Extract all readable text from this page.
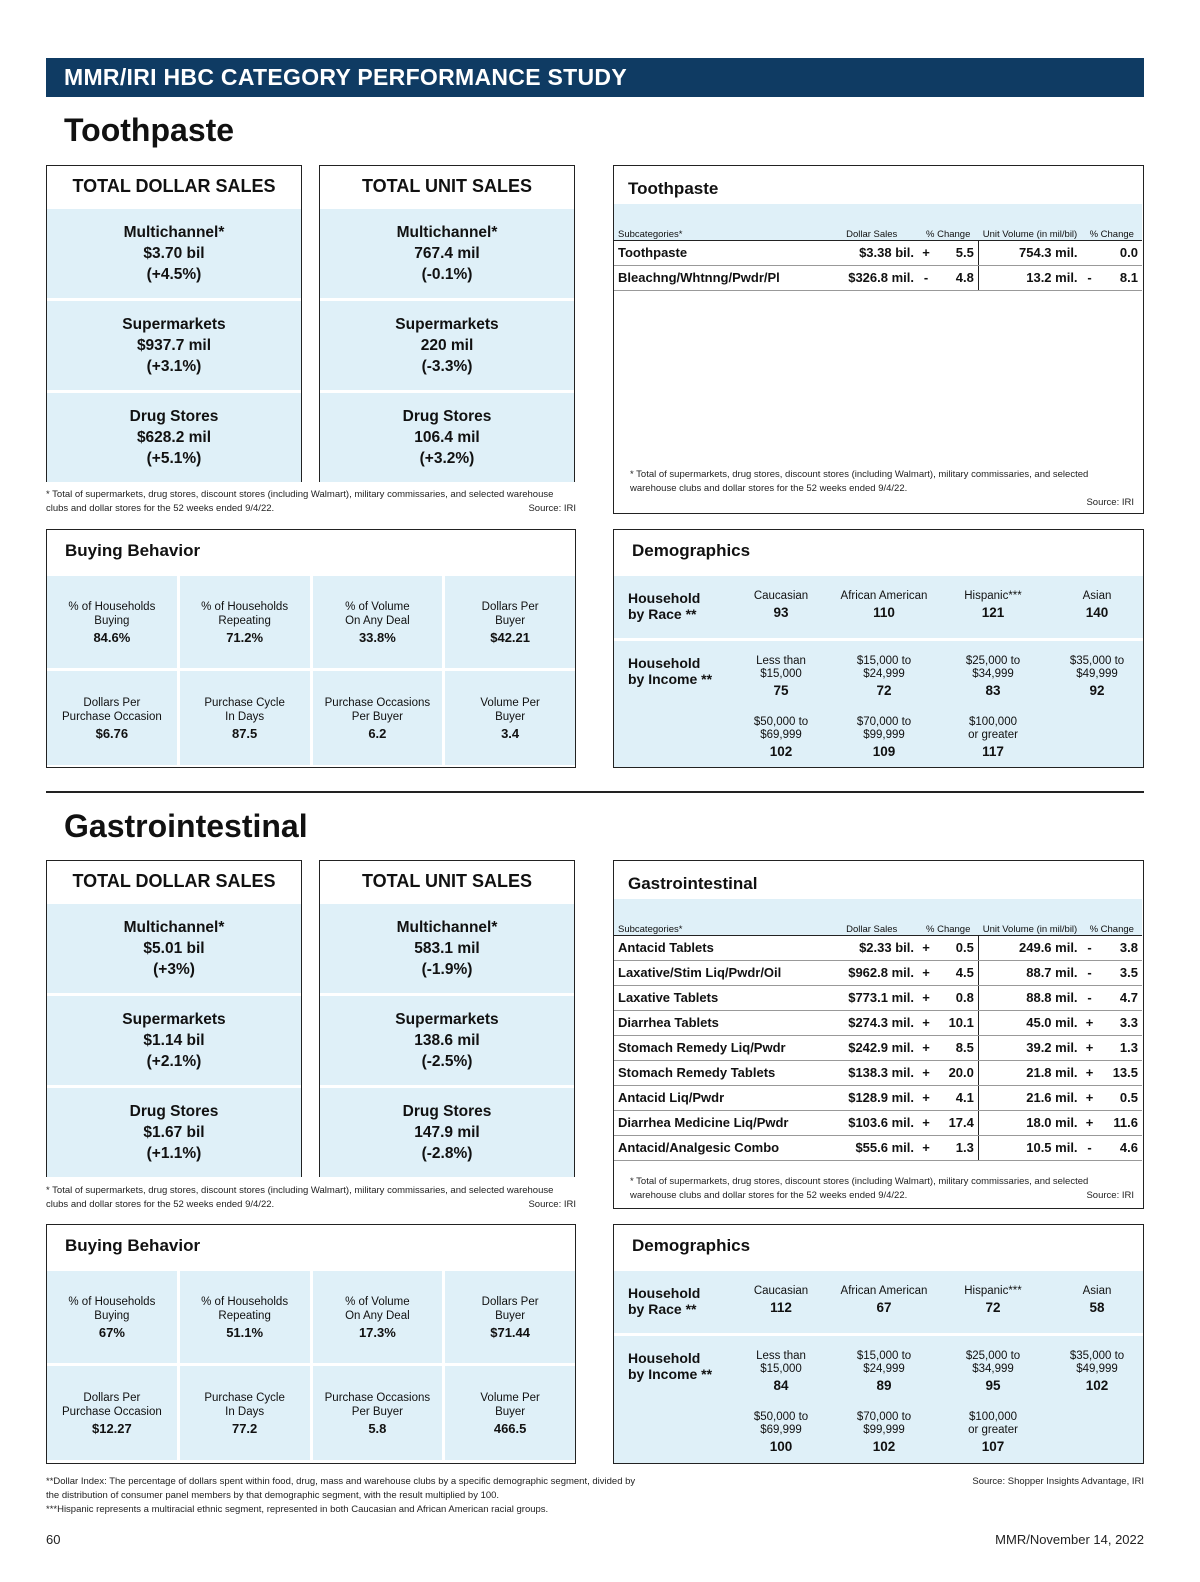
MMR/IRI HBC CATEGORY PERFORMANCE STUDY
Toothpaste
TOTAL DOLLAR SALES
Multichannel*
$3.70 bil
(+4.5%)
Supermarkets
$937.7 mil
(+3.1%)
Drug Stores
$628.2 mil
(+5.1%)
TOTAL UNIT SALES
Multichannel*
767.4 mil
(-0.1%)
Supermarkets
220 mil
(-3.3%)
Drug Stores
106.4 mil
(+3.2%)
* Total of supermarkets, drug stores, discount stores (including Walmart), military commissaries, and selected warehouse clubs and dollar stores for the 52 weeks ended 9/4/22.	Source: IRI
Toothpaste
Subcategories*	Dollar Sales	% Change		Unit Volume (in mil/bil)	% Change	
Toothpaste	$3.38 bil.	+	5.5	754.3 mil.		0.0
Bleachng/Whtnng/Pwdr/Pl	$326.8 mil.	-	4.8	13.2 mil.	-	8.1
* Total of supermarkets, drug stores, discount stores (including Walmart), military commissaries, and selected warehouse clubs and dollar stores for the 52 weeks ended 9/4/22.
Source: IRI
Buying Behavior
% of Households
Buying
84.6%
% of Households
Repeating
71.2%
% of Volume
On Any Deal
33.8%
Dollars Per
Buyer
$42.21
Dollars Per
Purchase Occasion
$6.76
Purchase Cycle
In Days
87.5
Purchase Occasions
Per Buyer
6.2
Volume Per
Buyer
3.4
Demographics
Household
by Race **
Caucasian
93
African American
110
Hispanic***
121
Asian
140
Household
by Income **
Less than
$15,000
75
$15,000 to
$24,999
72
$25,000 to
$34,999
83
$35,000 to
$49,999
92
$50,000 to
$69,999
102
$70,000 to
$99,999
109
$100,000
or greater
117
Gastrointestinal
TOTAL DOLLAR SALES
Multichannel*
$5.01 bil
(+3%)
Supermarkets
$1.14 bil
(+2.1%)
Drug Stores
$1.67 bil
(+1.1%)
TOTAL UNIT SALES
Multichannel*
583.1 mil
(-1.9%)
Supermarkets
138.6 mil
(-2.5%)
Drug Stores
147.9 mil
(-2.8%)
* Total of supermarkets, drug stores, discount stores (including Walmart), military commissaries, and selected warehouse clubs and dollar stores for the 52 weeks ended 9/4/22.	Source: IRI
Gastrointestinal
Subcategories*	Dollar Sales	% Change		Unit Volume (in mil/bil)	% Change	
Antacid Tablets	$2.33 bil.	+	0.5	249.6 mil.	-	3.8
Laxative/Stim Liq/Pwdr/Oil	$962.8 mil.	+	4.5	88.7 mil.	-	3.5
Laxative Tablets	$773.1 mil.	+	0.8	88.8 mil.	-	4.7
Diarrhea Tablets	$274.3 mil.	+	10.1	45.0 mil.	+	3.3
Stomach Remedy Liq/Pwdr	$242.9 mil.	+	8.5	39.2 mil.	+	1.3
Stomach Remedy Tablets	$138.3 mil.	+	20.0	21.8 mil.	+	13.5
Antacid Liq/Pwdr	$128.9 mil.	+	4.1	21.6 mil.	+	0.5
Diarrhea Medicine Liq/Pwdr	$103.6 mil.	+	17.4	18.0 mil.	+	11.6
Antacid/Analgesic Combo	$55.6 mil.	+	1.3	10.5 mil.	-	4.6
* Total of supermarkets, drug stores, discount stores (including Walmart), military commissaries, and selected warehouse clubs and dollar stores for the 52 weeks ended 9/4/22.	Source: IRI
Buying Behavior
% of Households
Buying
67%
% of Households
Repeating
51.1%
% of Volume
On Any Deal
17.3%
Dollars Per
Buyer
$71.44
Dollars Per
Purchase Occasion
$12.27
Purchase Cycle
In Days
77.2
Purchase Occasions
Per Buyer
5.8
Volume Per
Buyer
466.5
Demographics
Household
by Race **
Caucasian
112
African American
67
Hispanic***
72
Asian
58
Household
by Income **
Less than
$15,000
84
$15,000 to
$24,999
89
$25,000 to
$34,999
95
$35,000 to
$49,999
102
$50,000 to
$69,999
100
$70,000 to
$99,999
102
$100,000
or greater
107
**Dollar Index: The percentage of dollars spent within food, drug, mass and warehouse clubs by a specific demographic segment, divided by
the distribution of consumer panel members by that demographic segment, with the result multiplied by 100.
***Hispanic represents a multiracial ethnic segment, represented in both Caucasian and African American racial groups.
Source: Shopper Insights Advantage, IRI
60	MMR/November 14, 2022
